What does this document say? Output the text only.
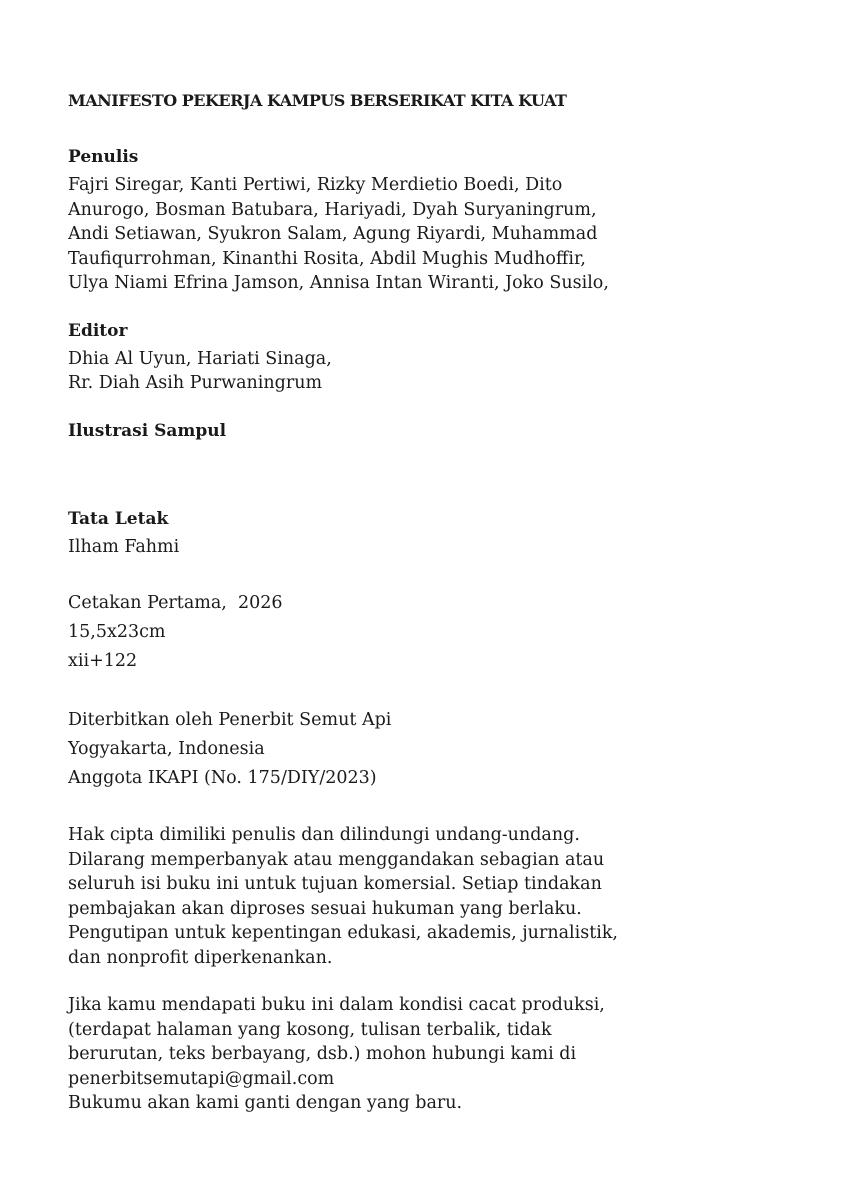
MANIFESTO PEKERJA KAMPUS BERSERIKAT KITA KUAT
Penulis

Fajri Siregar, Kanti Pertiwi, Rizky Merdietio Boedi, Dito
Anurogo, Bosman Batubara, Hariyadi, Dyah Suryaningrum,
Andi Setiawan, Syukron Salam, Agung Riyardi, Muhammad
Taufiqurrohman, Kinanthi Rosita, Abdil Mughis Mudhoffir,
Ulya Niami Efrina Jamson, Annisa Intan Wiranti, Joko Susilo,

Editor

Dhia Al Uyun, Hariati Sinaga,
Rr. Diah Asih Purwaningrum

Ilustrasi Sampul
Tata Letak

Ilham Fahmi

Cetakan Pertama,  2026
15,5x23cm
xii+122

Diterbitkan oleh Penerbit Semut Api
Yogyakarta, Indonesia
Anggota IKAPI (No. 175/DIY/2023)

Hak cipta dimiliki penulis dan dilindungi undang-undang.
Dilarang memperbanyak atau menggandakan sebagian atau
seluruh isi buku ini untuk tujuan komersial. Setiap tindakan
pembajakan akan diproses sesuai hukuman yang berlaku.
Pengutipan untuk kepentingan edukasi, akademis, jurnalistik,
dan nonprofit diperkenankan.

Jika kamu mendapati buku ini dalam kondisi cacat produksi,
(terdapat halaman yang kosong, tulisan terbalik, tidak
berurutan, teks berbayang, dsb.) mohon hubungi kami di
penerbitsemutapi@gmail.com
Bukumu akan kami ganti dengan yang baru.
